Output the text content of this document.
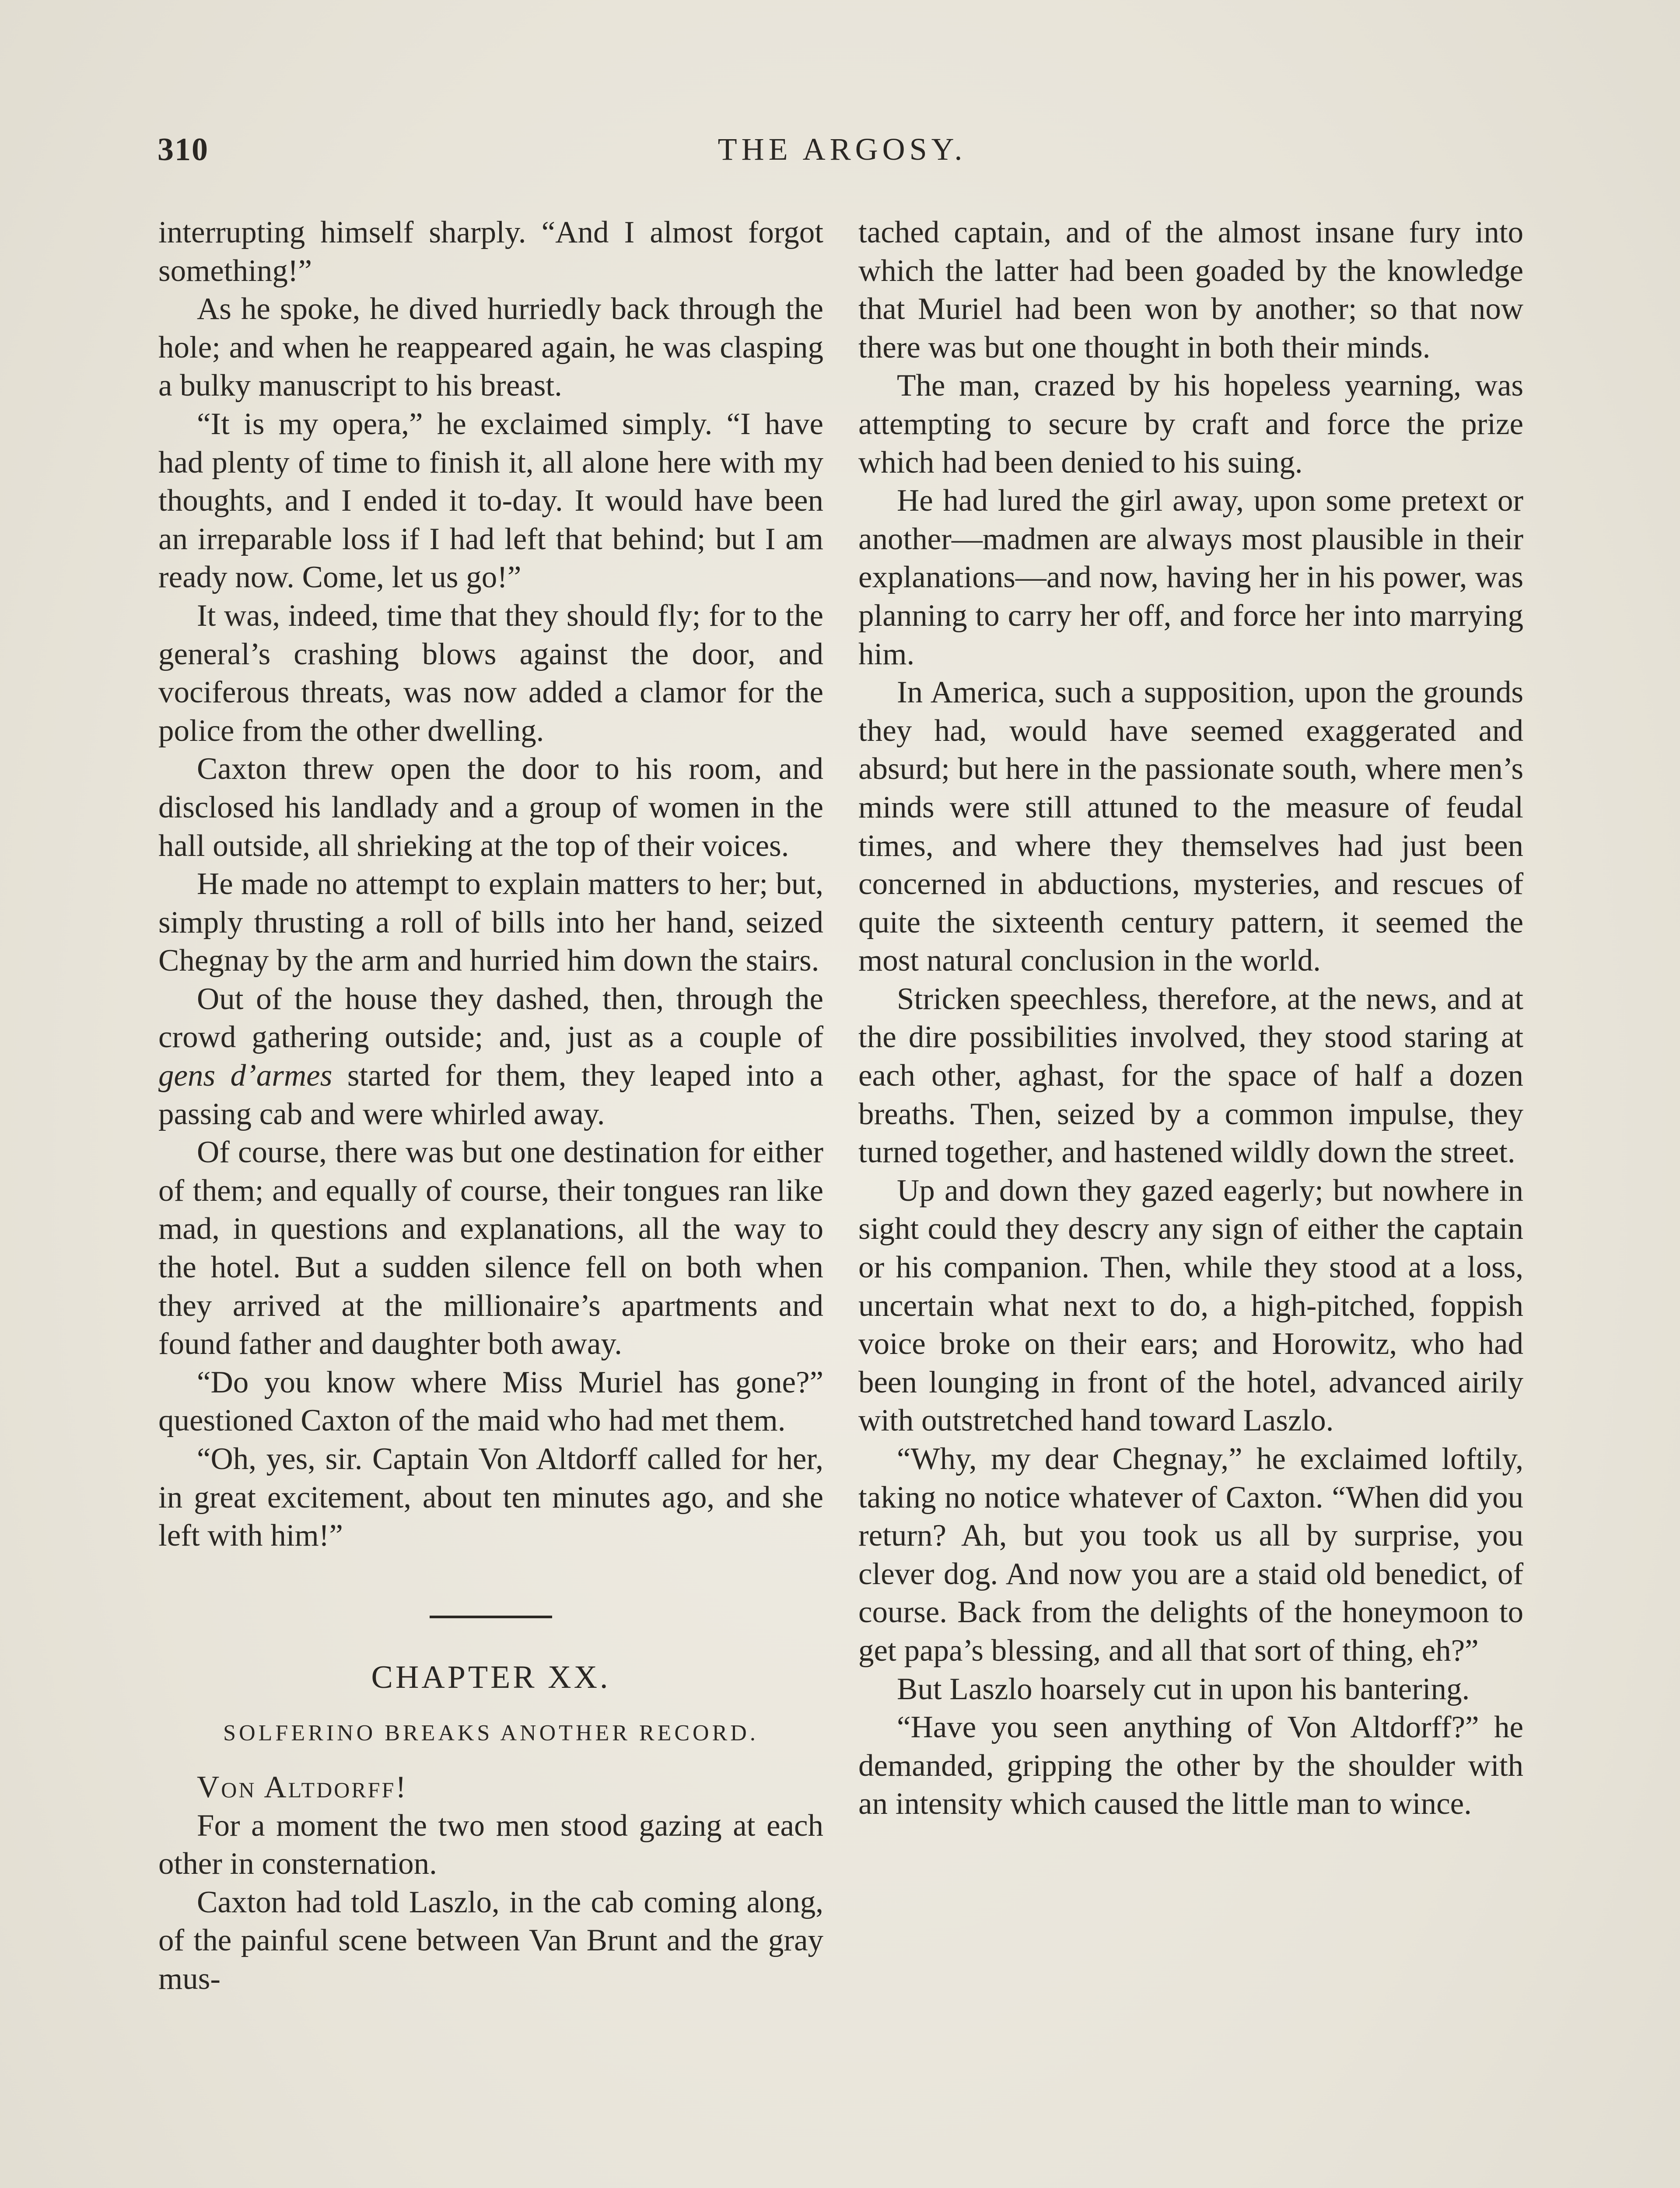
310	THE ARGOSY.

interrupting himself sharply. “And I almost forgot something!”

As he spoke, he dived hurriedly back through the hole; and when he reappeared again, he was clasping a bulky manuscript to his breast.

“It is my opera,” he exclaimed simply. “I have had plenty of time to finish it, all alone here with my thoughts, and I ended it to-day. It would have been an irreparable loss if I had left that behind; but I am ready now. Come, let us go!”

It was, indeed, time that they should fly; for to the general’s crashing blows against the door, and vociferous threats, was now added a clamor for the police from the other dwelling.

Caxton threw open the door to his room, and disclosed his landlady and a group of women in the hall outside, all shrieking at the top of their voices.

He made no attempt to explain matters to her; but, simply thrusting a roll of bills into her hand, seized Chegnay by the arm and hurried him down the stairs.

Out of the house they dashed, then, through the crowd gathering outside; and, just as a couple of gens d’armes started for them, they leaped into a passing cab and were whirled away.

Of course, there was but one destination for either of them; and equally of course, their tongues ran like mad, in questions and explanations, all the way to the hotel. But a sudden silence fell on both when they arrived at the millionaire’s apartments and found father and daughter both away.

“Do you know where Miss Muriel has gone?” questioned Caxton of the maid who had met them.

“Oh, yes, sir. Captain Von Altdorff called for her, in great excitement, about ten minutes ago, and she left with him!”

CHAPTER XX.
SOLFERINO BREAKS ANOTHER RECORD.

Von Altdorff!

For a moment the two men stood gazing at each other in consternation.

Caxton had told Laszlo, in the cab coming along, of the painful scene between Van Brunt and the gray mus-

tached captain, and of the almost insane fury into which the latter had been goaded by the knowledge that Muriel had been won by another; so that now there was but one thought in both their minds.

The man, crazed by his hopeless yearning, was attempting to secure by craft and force the prize which had been denied to his suing.

He had lured the girl away, upon some pretext or another—madmen are always most plausible in their explanations—and now, having her in his power, was planning to carry her off, and force her into marrying him.

In America, such a supposition, upon the grounds they had, would have seemed exaggerated and absurd; but here in the passionate south, where men’s minds were still attuned to the measure of feudal times, and where they themselves had just been concerned in abductions, mysteries, and rescues of quite the sixteenth century pattern, it seemed the most natural conclusion in the world.

Stricken speechless, therefore, at the news, and at the dire possibilities involved, they stood staring at each other, aghast, for the space of half a dozen breaths. Then, seized by a common impulse, they turned together, and hastened wildly down the street.

Up and down they gazed eagerly; but nowhere in sight could they descry any sign of either the captain or his companion. Then, while they stood at a loss, uncertain what next to do, a high-pitched, foppish voice broke on their ears; and Horowitz, who had been lounging in front of the hotel, advanced airily with outstretched hand toward Laszlo.

“Why, my dear Chegnay,” he exclaimed loftily, taking no notice whatever of Caxton. “When did you return? Ah, but you took us all by surprise, you clever dog. And now you are a staid old benedict, of course. Back from the delights of the honeymoon to get papa’s blessing, and all that sort of thing, eh?”

But Laszlo hoarsely cut in upon his bantering.

“Have you seen anything of Von Altdorff?” he demanded, gripping the other by the shoulder with an intensity which caused the little man to wince.
